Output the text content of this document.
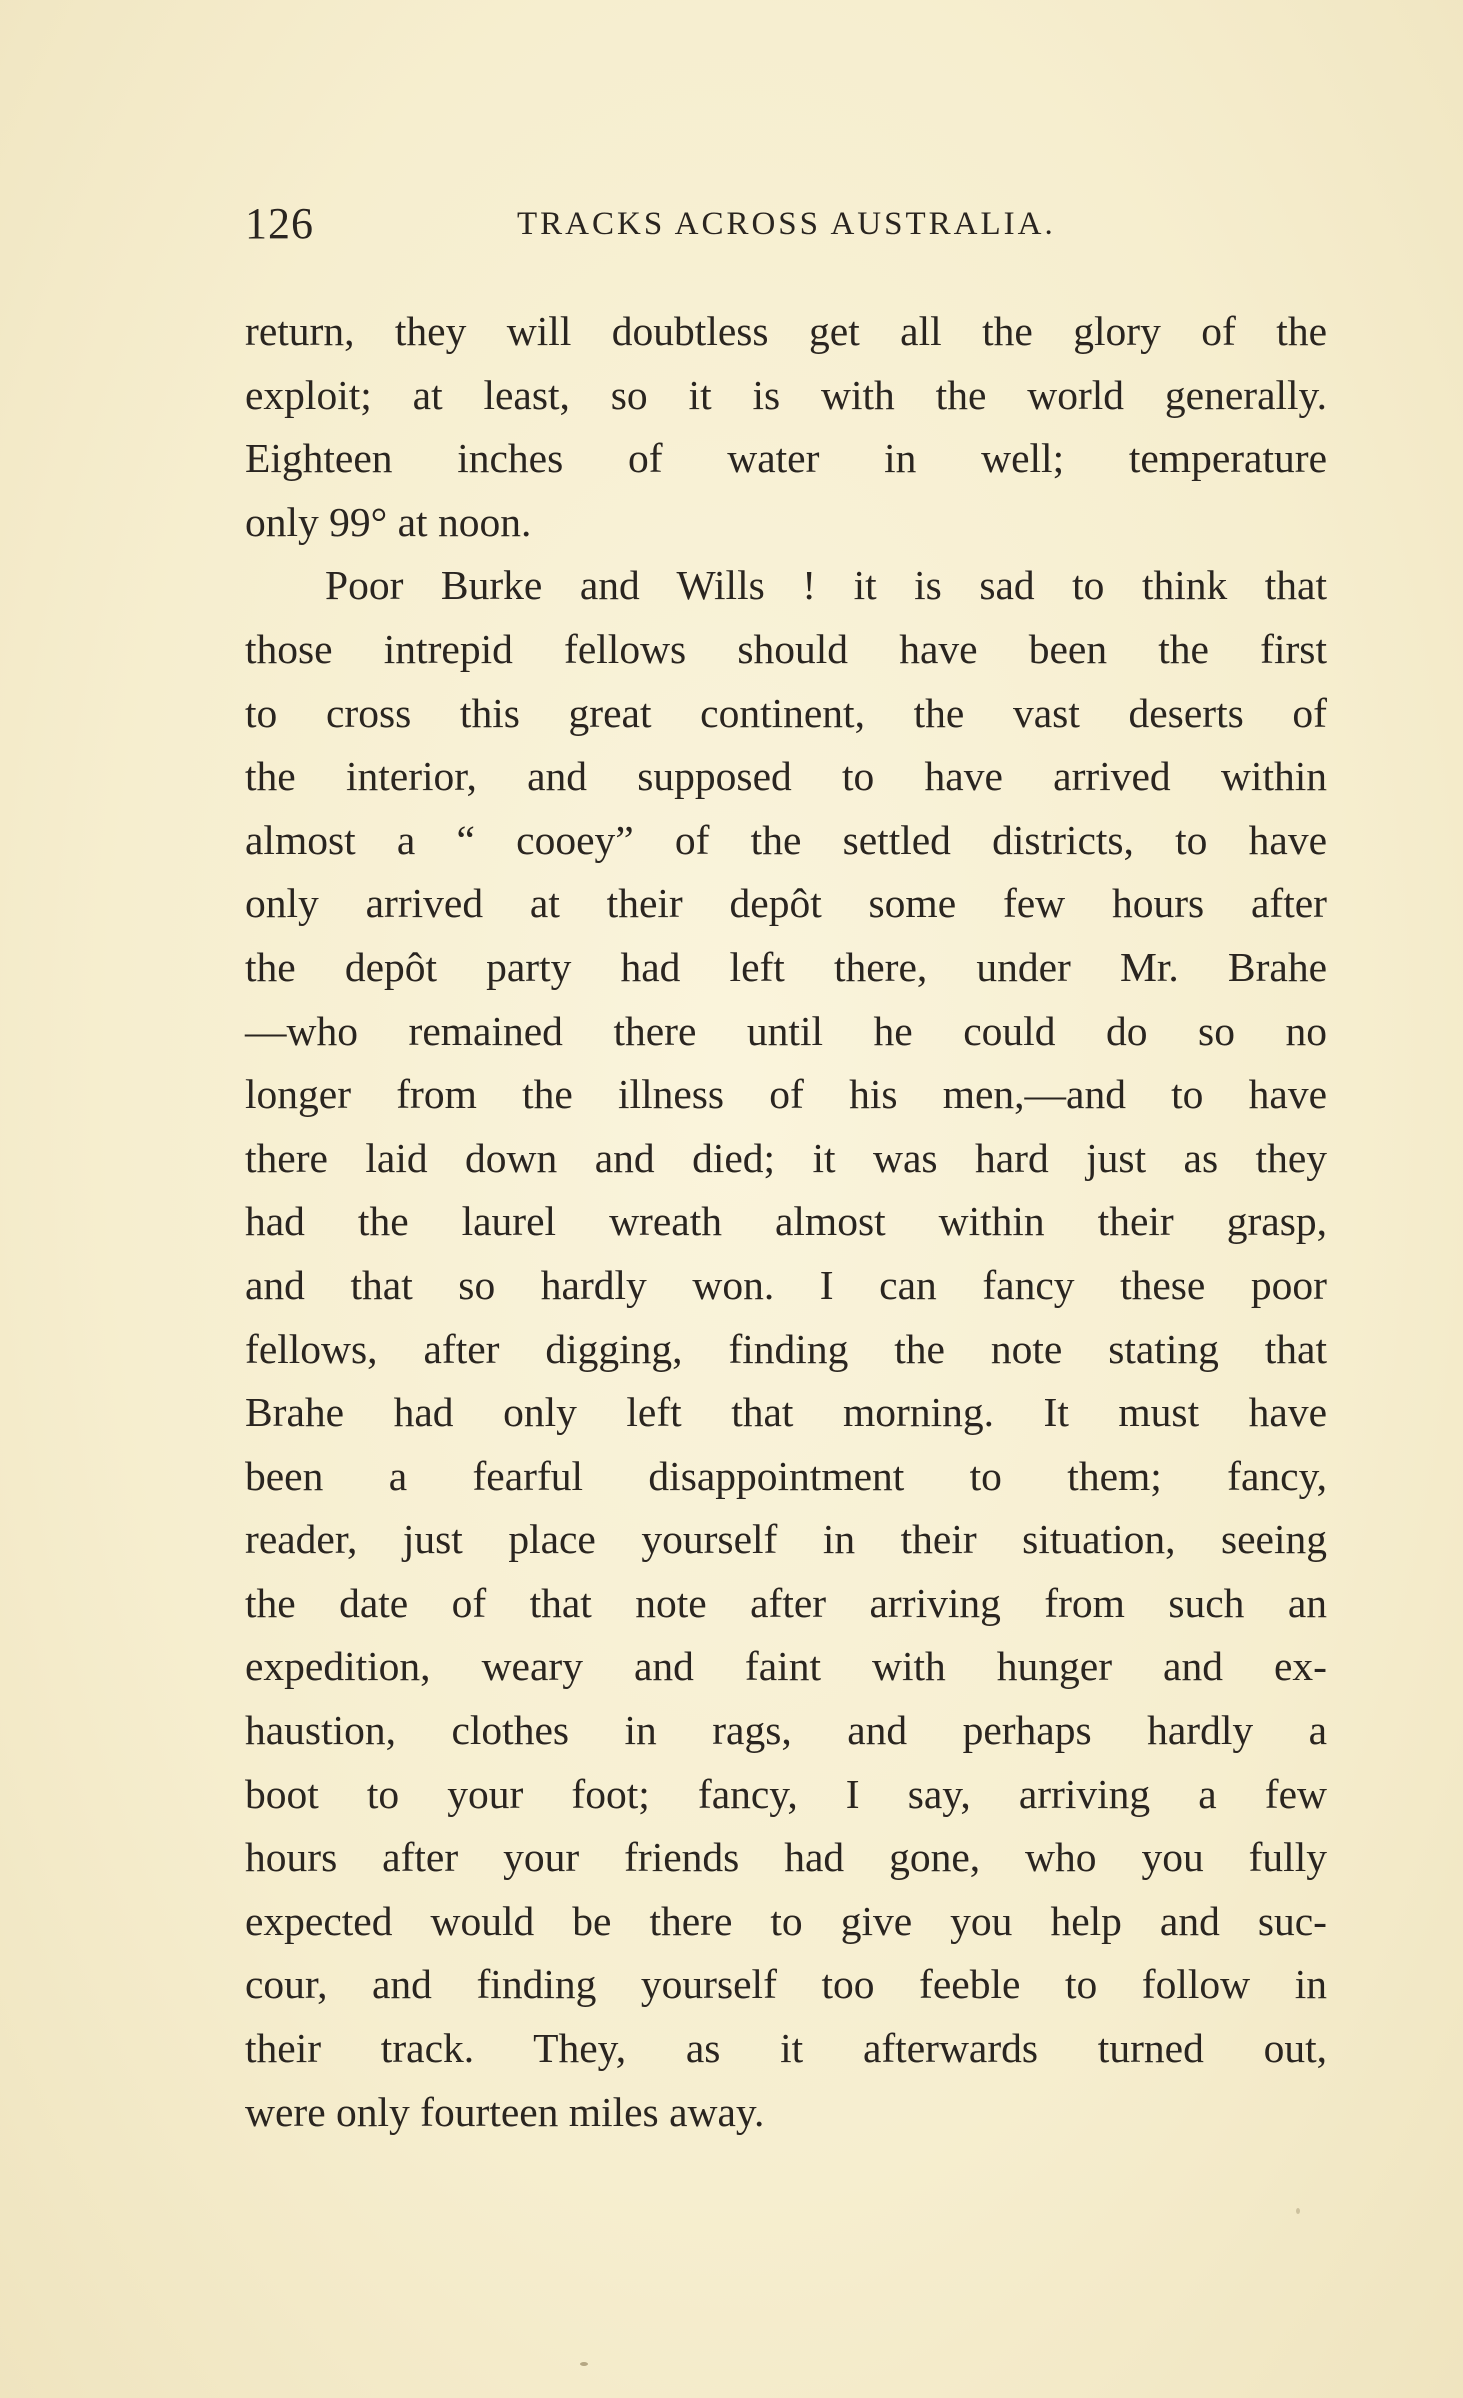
126	TRACKS ACROSS AUSTRALIA.
return, they will doubtless get all the glory of the
exploit; at least, so it is with the world generally.
Eighteen inches of water in well; temperature
only 99° at noon.
Poor Burke and Wills ! it is sad to think that
those intrepid fellows should have been the first
to cross this great continent, the vast deserts of
the interior, and supposed to have arrived within
almost a “ cooey” of the settled districts, to have
only arrived at their depôt some few hours after
the depôt party had left there, under Mr. Brahe
—who remained there until he could do so no
longer from the illness of his men,—and to have
there laid down and died; it was hard just as they
had the laurel wreath almost within their grasp,
and that so hardly won. I can fancy these poor
fellows, after digging, finding the note stating that
Brahe had only left that morning. It must have
been a fearful disappointment to them; fancy,
reader, just place yourself in their situation, seeing
the date of that note after arriving from such an
expedition, weary and faint with hunger and ex-
haustion, clothes in rags, and perhaps hardly a
boot to your foot; fancy, I say, arriving a few
hours after your friends had gone, who you fully
expected would be there to give you help and suc-
cour, and finding yourself too feeble to follow in
their track. They, as it afterwards turned out,
were only fourteen miles away.
